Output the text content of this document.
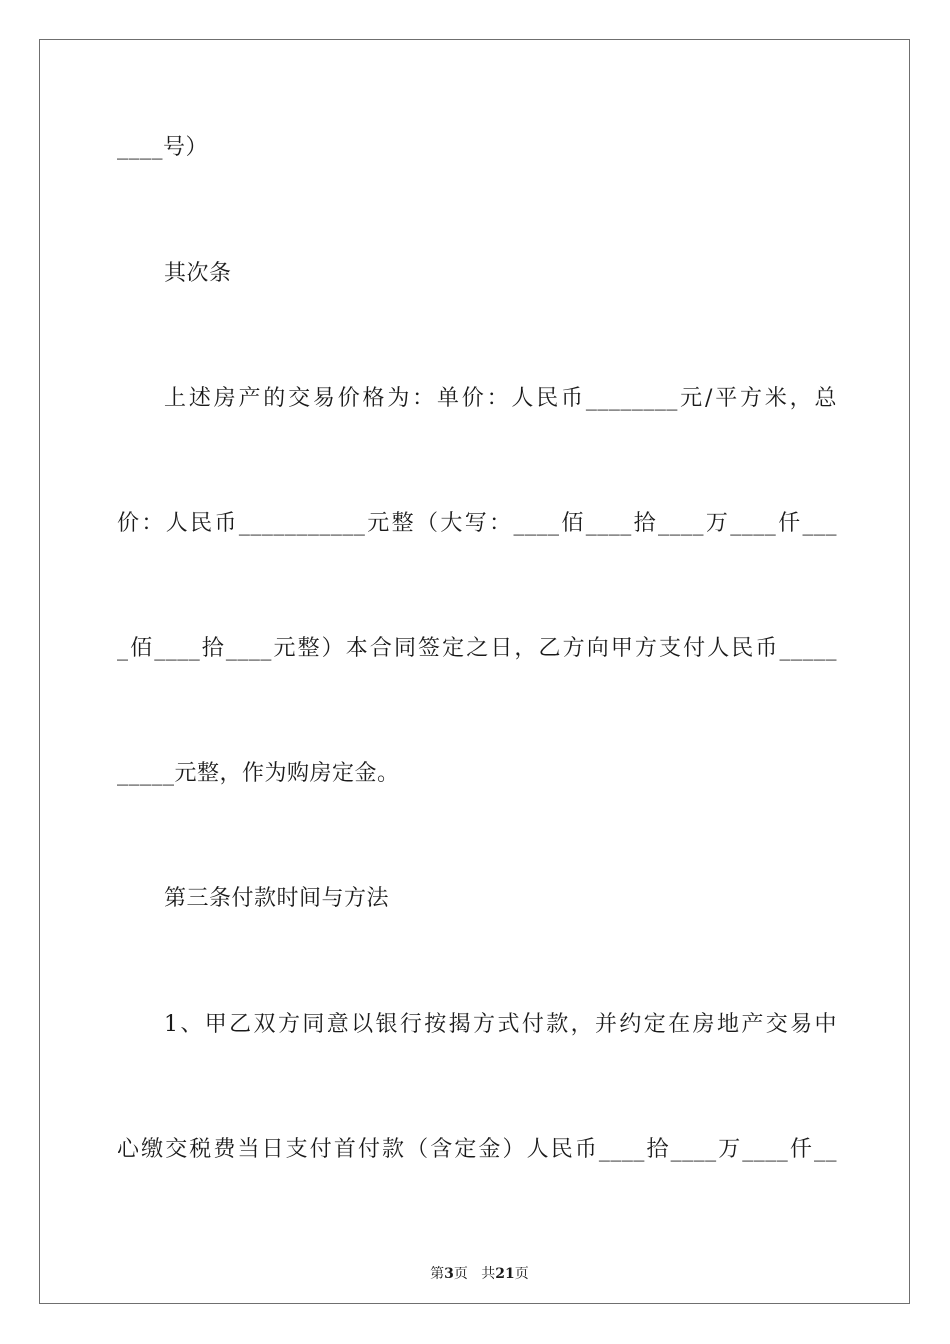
____号）

其次条

上述房产的交易价格为：单价：人民币________元/平方米，总

价：人民币___________元整（大写：____佰____拾____万____仟___

_佰____拾____元整）本合同签定之日，乙方向甲方支付人民币_____

_____元整，作为购房定金。

第三条付款时间与方法

1、甲乙双方同意以银行按揭方式付款，并约定在房地产交易中

心缴交税费当日支付首付款（含定金）人民币____拾____万____仟__

第3页 共21页
